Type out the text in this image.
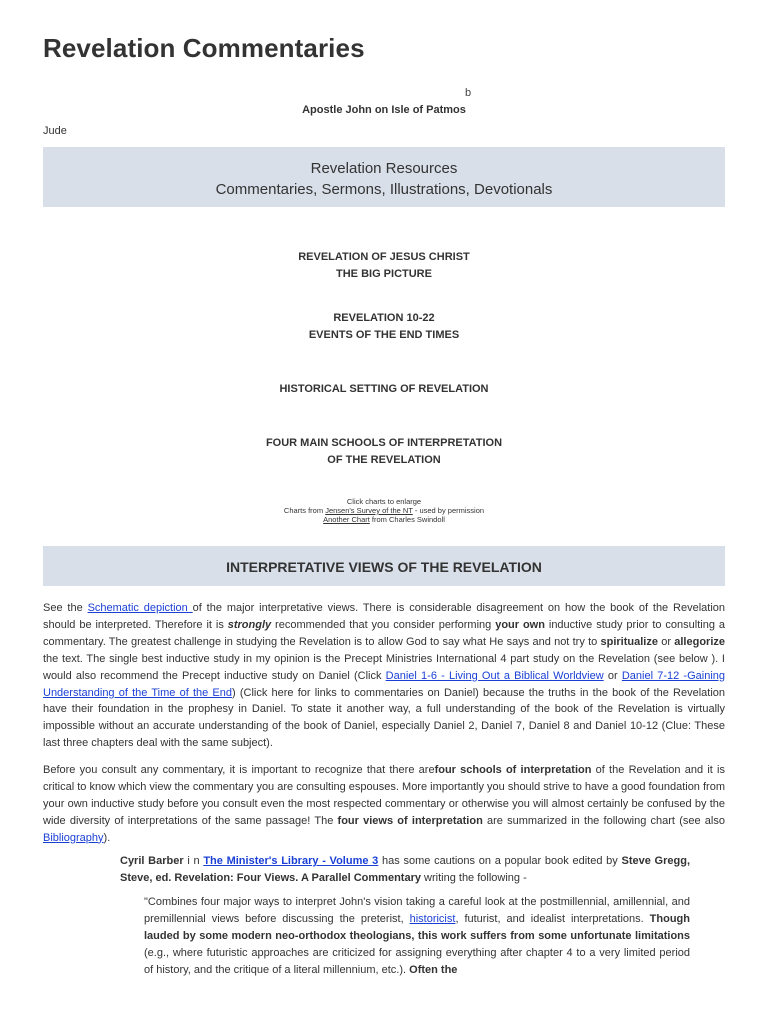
Revelation Commentaries
b
Apostle John on Isle of Patmos
Jude
Revelation Resources
Commentaries, Sermons, Illustrations, Devotionals
REVELATION OF JESUS CHRIST
THE BIG PICTURE
REVELATION 10-22
EVENTS OF THE END TIMES
HISTORICAL SETTING OF REVELATION
FOUR MAIN SCHOOLS OF INTERPRETATION
OF THE REVELATION
Click charts to enlarge
Charts from Jensen's Survey of the NT - used by permission
Another Chart from Charles Swindoll
INTERPRETATIVE VIEWS OF THE REVELATION
See the Schematic depiction of the major interpretative views. There is considerable disagreement on how the book of the Revelation should be interpreted. Therefore it is strongly recommended that you consider performing your own inductive study prior to consulting a commentary. The greatest challenge in studying the Revelation is to allow God to say what He says and not try to spiritualize or allegorize the text. The single best inductive study in my opinion is the Precept Ministries International 4 part study on the Revelation (see below ). I would also recommend the Precept inductive study on Daniel (Click Daniel 1-6 - Living Out a Biblical Worldview or Daniel 7-12 -Gaining Understanding of the Time of the End) (Click here for links to commentaries on Daniel) because the truths in the book of the Revelation have their foundation in the prophesy in Daniel. To state it another way, a full understanding of the book of the Revelation is virtually impossible without an accurate understanding of the book of Daniel, especially Daniel 2, Daniel 7, Daniel 8 and Daniel 10-12 (Clue: These last three chapters deal with the same subject).
Before you consult any commentary, it is important to recognize that there arefour schools of interpretation of the Revelation and it is critical to know which view the commentary you are consulting espouses. More importantly you should strive to have a good foundation from your own inductive study before you consult even the most respected commentary or otherwise you will almost certainly be confused by the wide diversity of interpretations of the same passage! The four views of interpretation are summarized in the following chart (see also Bibliography).
Cyril Barber i n The Minister's Library - Volume 3 has some cautions on a popular book edited by Steve Gregg, Steve, ed. Revelation: Four Views. A Parallel Commentary writing the following -
"Combines four major ways to interpret John's vision taking a careful look at the postmillennial, amillennial, and premillennial views before discussing the preterist, historicist, futurist, and idealist interpretations. Though lauded by some modern neo-orthodox theologians, this work suffers from some unfortunate limitations (e.g., where futuristic approaches are criticized for assigning everything after chapter 4 to a very limited period of history, and the critique of a literal millennium, etc.). Often the
